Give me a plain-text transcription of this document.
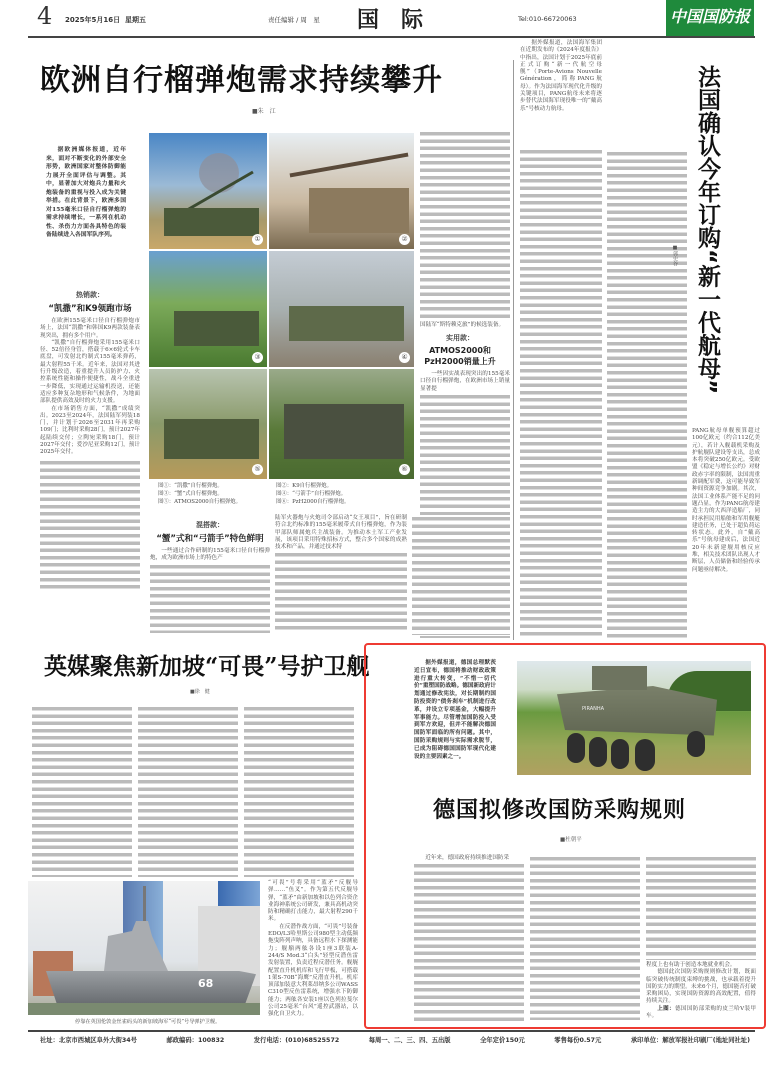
4 2025年5月16日 星期五	责任编辑 / 周　星 国　际	Tel:010-66720063	中国国防报
欧洲自行榴弹炮需求持续攀升
■朱　江
据欧洲媒体报道，近年来，面对不断变化的外部安全形势，欧洲国家对整体防御能力展开全面评估与调整。其中，显著加大对炮兵力量和火炮装备的重视与投入成为关键举措。在此背景下，欧洲多国对155毫米口径自行榴弹炮的需求持续增长，一系列在机动性、杀伤力方面各具特色的装备陆续进入各国军队序列。	①	②
③	④
⑤	⑥
图①：“凯撒”自行榴弹炮。
图③：“蟹”式自行榴弹炮。
图⑤：ATMOS2000自行榴弹炮。
图②：K9自行榴弹炮。
图④：“弓箭手”自行榴弹炮。
图⑥：PzH2000自行榴弹炮。
热销款：
“凯撒”和K9领跑市场

在欧洲155毫米口径自行榴弹炮市场上，法国“凯撒”和韩国K9两款装备表现突出，拥有多个用户。

“凯撒”自行榴弹炮采用155毫米口径、52倍径身管，搭载于6×6轮式卡车底盘，可发射北约制式155毫米弹药，最大射程55千米。近年来，法国对其进行升级改造，着重提升人员防护力、火控系统性能和操作便捷性，战斗全重进一步降低，实现通过运输机投送，还能适应多种复杂地形和气候条件，为地面部队提供高效及时的火力支援。

在市场销售方面，“凯撒”成绩突出。2023至2024年，法国陆军列装18门，并计划于2026至2031年再采购109门；比利时采购28门，预计2027年起陆续交付；立陶宛采购18门，预计2027年交付；爱沙尼亚采购12门，预计2025年交付。

混搭款：
“蟹”式和“弓箭手”特色鲜明

一些通过合作研制的155毫米口径自行榴弹炮，成为欧洲市场上的特色产

陆军火器炮与火炮司令部启动“女王项目”，旨在研制符合北约标准的155毫米履带式自行榴弹炮，作为装甲部队师属炮兵主战装备。为推动本土军工产业发展，该项目采用特殊招标方式，整合多个国家的成熟技术和产品，并通过技术特

国陆军“斯特赖克旅”的候选装备。

实用款：
ATMOS2000和PzH2000销量上升

一些因实战表现突出的155毫米口径自行榴弹炮，在欧洲市场上销量显著提

据外媒报道，法国海军集团在近期发布的《2024年度报告》中指出，法国计划于2025年底前正式订购“新一代航空母舰”（Porte-Avions Nouvelle Génération，简称PANG航母）。作为法国海军现代化升级的关键项目，PANG航母未来将逐步替代法国海军现役唯一的“戴高乐”号核动力航母。	法国确认今年订购“新一代航母”
■郭史谷

PANG航母单舰预算超过100亿欧元（约合112亿美元），若计入舰载机采购及护航舰队建设等支出，总成本将突破250亿欧元。受欧盟《稳定与增长公约》对财政赤字率的限制，法国需重新调配军费，这可能导致军种间资源竞争加剧。其次，法国工业体系产能不足的问题凸显，作为PANG航母建造主力的大西洋造船厂，同时承担民用船舶和军用舰艇建造任务，已处于超负荷运转状态。此外，自“戴高乐”号航母建成后，法国近20年未新建舰用核反应堆，相关技术团队出现人才断层，人员储备和经验传承问题亟待解决。

英媒聚焦新加坡“可畏”号护卫舰
■徐　健
68
停靠在英国伦敦金丝雀码头的新加坡海军“可畏”号导弹护卫舰。

“可畏”号将采用“蓝矛”反舰导弹……“鱼叉”。作为第五代反舰导弹，“蓝矛”由新加坡和以色列合资企业海神系统公司研发，兼具高机动突防和精确打击能力，最大射程290千米。

在反潜作战方面，“可畏”号装备EDO/L3哈里斯公司980型主动低频拖曳阵列声呐，具备远程水下探测能力；舰艏两舷各设1座3联装A-244/S Mod.3“白头”轻型反潜鱼雷发射装置，负责近程反潜任务。舰艉配置直升机机库和飞行甲板，可搭载1架S-70B“海鹰”反潜直升机。机库顶部加装意大利莱昂纳多公司WASS C310型反鱼雷系统，增强水下防御能力；两舷各安装1座以色列拉斐尔公司25毫米“台风”遥控武器站，以强化自卫火力。

据外媒报道，德国总理默茨近日宣布，德国将推动财政政策进行重大转变，“不惜一切代价”重塑国防战略。德国新政府计划通过修改宪法，对长期制约国防投资的“债务刹车”机制进行改革，并设立专项基金，大幅提升军事能力。尽管增加国防投入受到军方欢迎，但并不能解决德国国防军面临的所有问题。其中，国防采购规则与实际需求脱节，已成为阻碍德国国防军现代化建设的主要因素之一。

PIRANHA
德国拟修改国防采购规则
■杜朝平

近年来，德国政府持续推进国防采

程度上也有助于创造本地就业机会。

德国此次国防采购规则修改计划，既面临突破传统制度束缚的挑战，也承载着提升国防实力的期望。未来6个月，德国能否打破采购困局，实现国防资源的高效配置，值得持续关注。

上图：德国国防部采购的皮兰哈V装甲车。

社址：北京市西城区阜外大街34号	邮政编码：100832	发行电话：(010)68525572	每周一、二、三、四、五出版	全年定价150元	零售每份0.57元	承印单位：解放军报社印刷厂(地址同社址)
